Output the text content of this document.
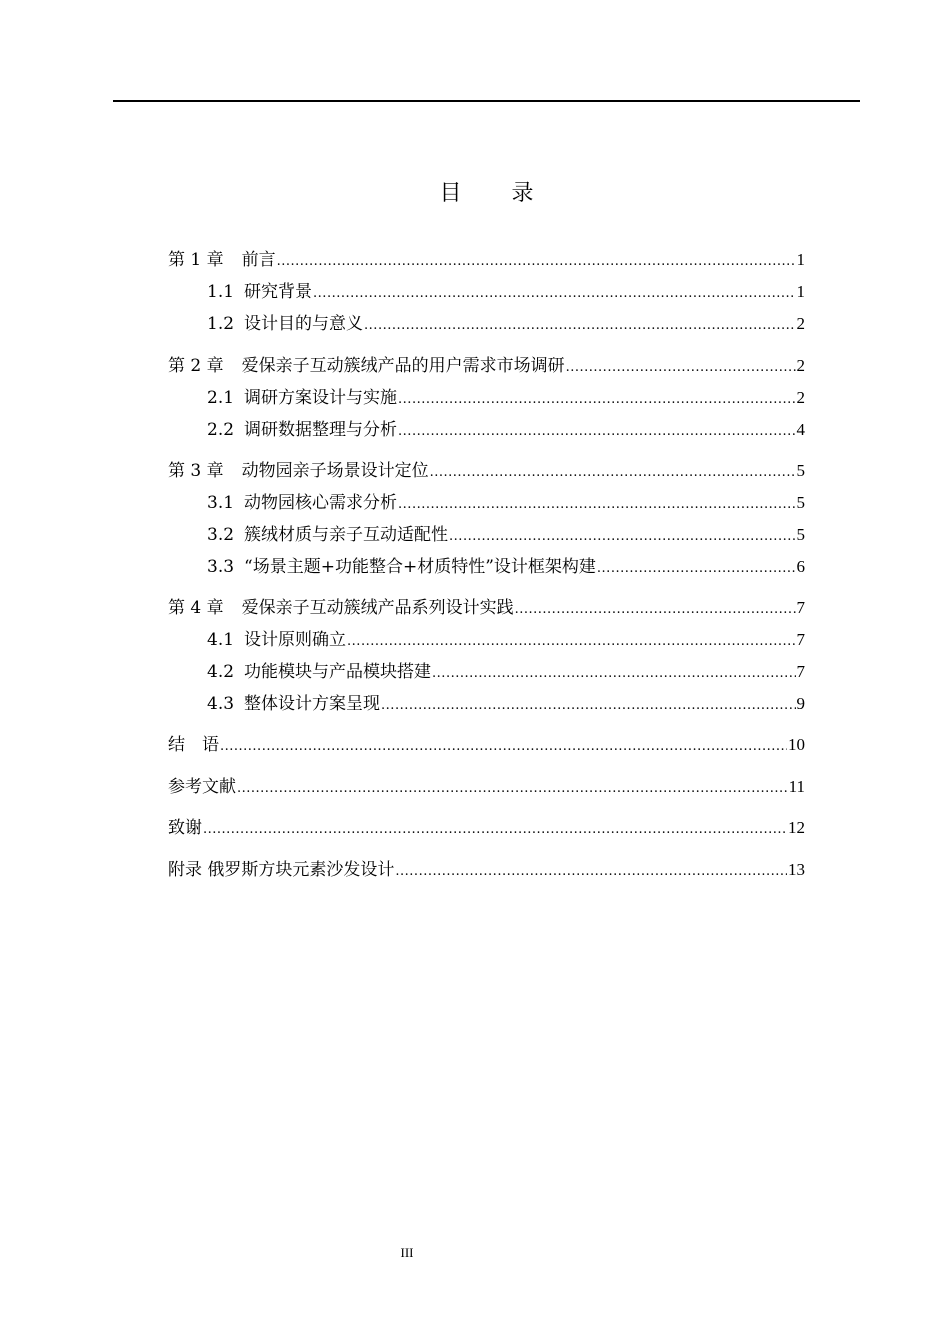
目　　录
第 1 章 前言 .....	1
1.1 研究背景 .....	1
1.2 设计目的与意义 .....	2
第 2 章 爱保亲子互动簇绒产品的用户需求市场调研 .....	2
2.1 调研方案设计与实施 .....	2
2.2 调研数据整理与分析 .....	4
第 3 章 动物园亲子场景设计定位 .....	5
3.1 动物园核心需求分析 .....	5
3.2 簇绒材质与亲子互动适配性 .....	5
3.3 “场景主题+功能整合+材质特性”设计框架构建 .....	6
第 4 章 爱保亲子互动簇绒产品系列设计实践 .....	7
4.1 设计原则确立 .....	7
4.2 功能模块与产品模块搭建 .....	7
4.3 整体设计方案呈现 .....	9
结　语 .....	10
参考文献 .....	11
致谢 .....	12
附录 俄罗斯方块元素沙发设计 .....	13
III
